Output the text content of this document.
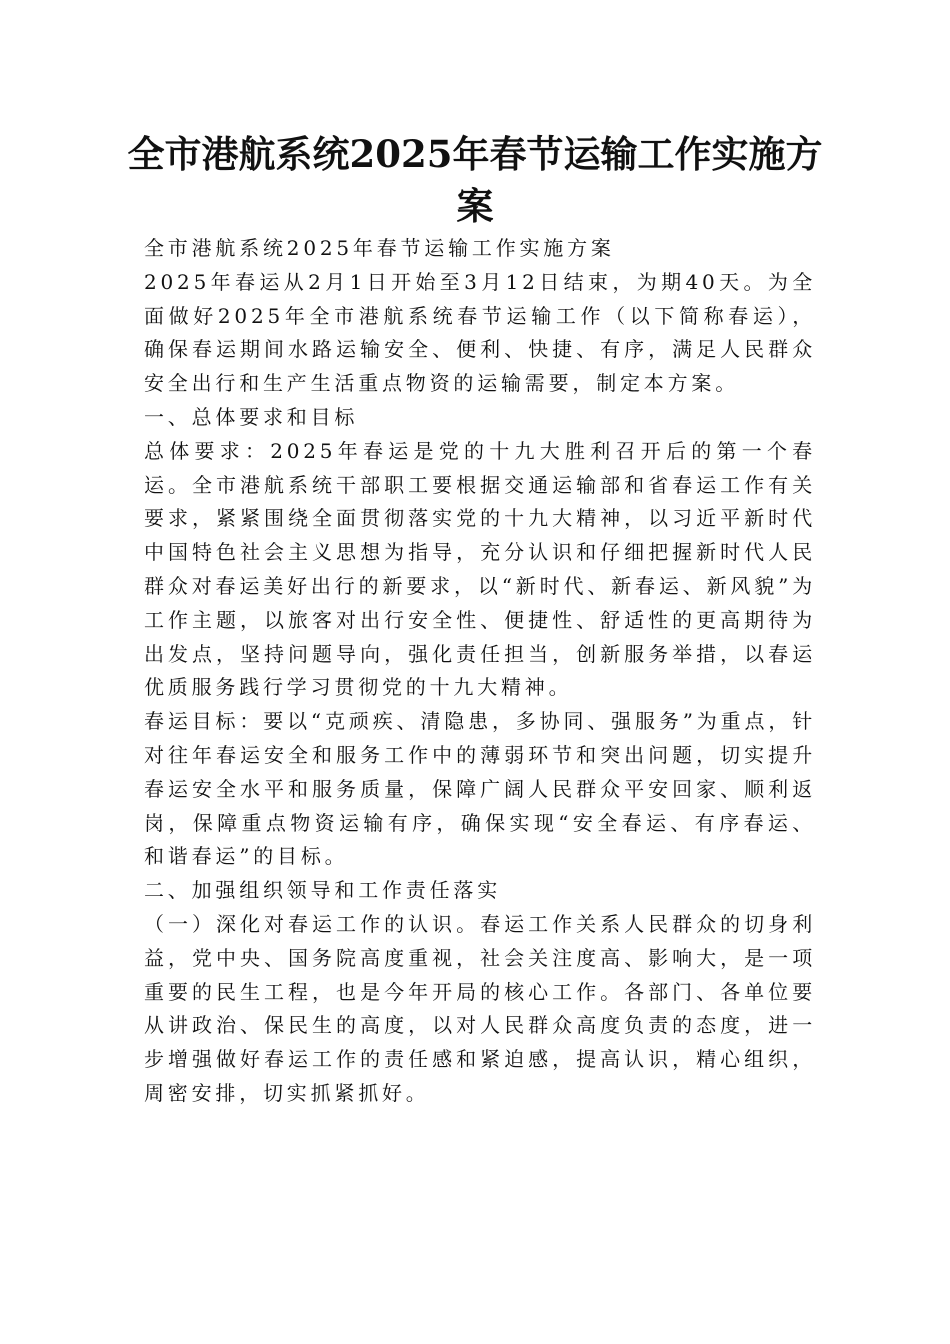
全市港航系统2025年春节运输工作实施方案

全市港航系统2025年春节运输工作实施方案

2025年春运从2月1日开始至3月12日结束，为期40天。为全面做好2025年全市港航系统春节运输工作（以下简称春运），确保春运期间水路运输安全、便利、快捷、有序，满足人民群众安全出行和生产生活重点物资的运输需要，制定本方案。

一、总体要求和目标

总体要求：2025年春运是党的十九大胜利召开后的第一个春运。全市港航系统干部职工要根据交通运输部和省春运工作有关要求，紧紧围绕全面贯彻落实党的十九大精神，以习近平新时代中国特色社会主义思想为指导，充分认识和仔细把握新时代人民群众对春运美好出行的新要求，以“新时代、新春运、新风貌”为工作主题，以旅客对出行安全性、便捷性、舒适性的更高期待为出发点，坚持问题导向，强化责任担当，创新服务举措，以春运优质服务践行学习贯彻党的十九大精神。

春运目标：要以“克顽疾、清隐患，多协同、强服务”为重点，针对往年春运安全和服务工作中的薄弱环节和突出问题，切实提升春运安全水平和服务质量，保障广阔人民群众平安回家、顺利返岗，保障重点物资运输有序，确保实现“安全春运、有序春运、和谐春运”的目标。

二、加强组织领导和工作责任落实

（一）深化对春运工作的认识。春运工作关系人民群众的切身利益，党中央、国务院高度重视，社会关注度高、影响大，是一项重要的民生工程，也是今年开局的核心工作。各部门、各单位要从讲政治、保民生的高度，以对人民群众高度负责的态度，进一步增强做好春运工作的责任感和紧迫感，提高认识，精心组织，周密安排，切实抓紧抓好。
